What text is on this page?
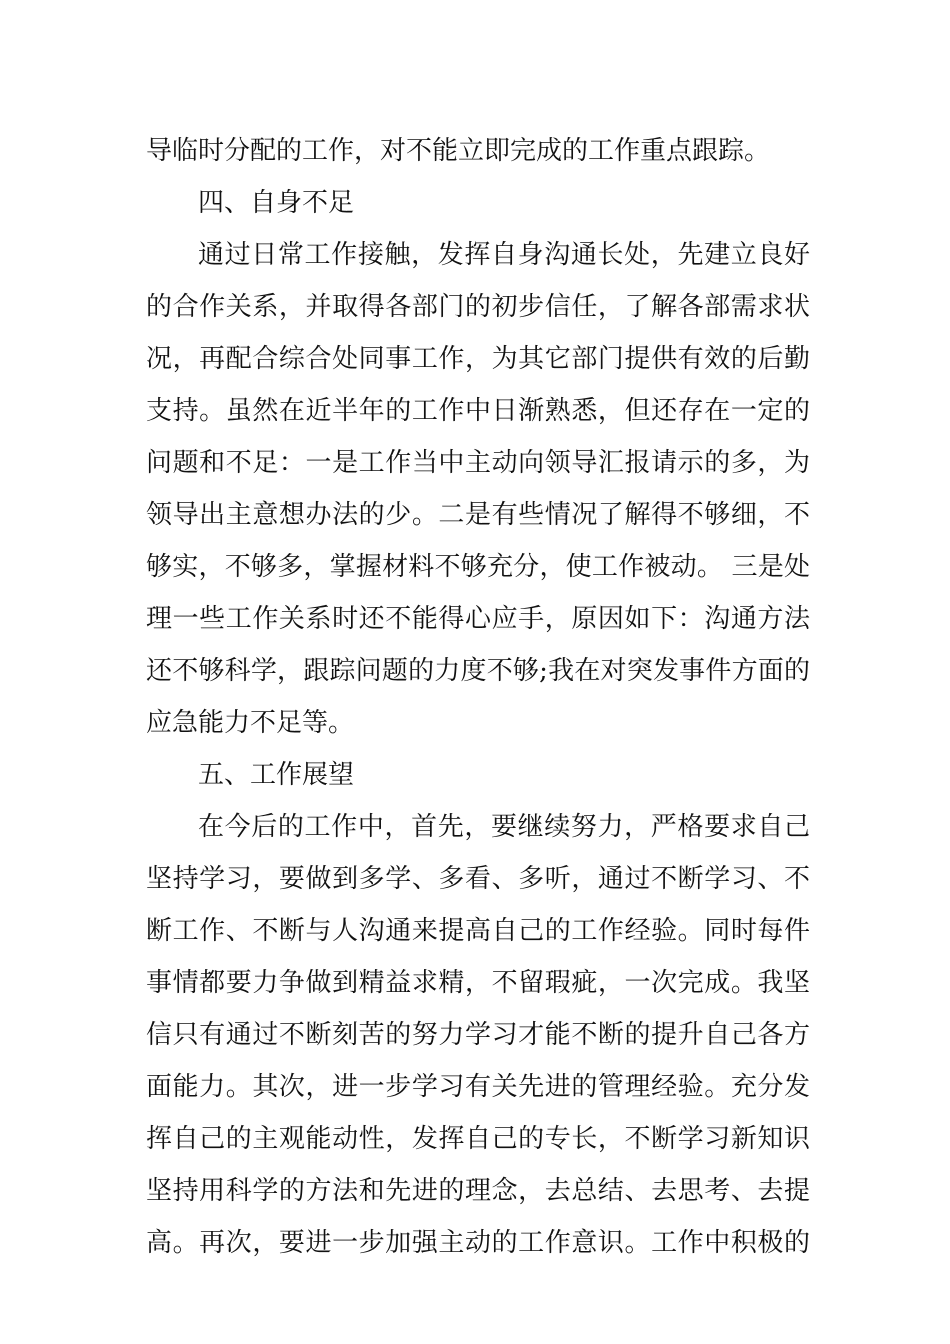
导临时分配的工作，对不能立即完成的工作重点跟踪。
四、自身不足
通过日常工作接触，发挥自身沟通长处，先建立良好
的合作关系，并取得各部门的初步信任，了解各部需求状
况，再配合综合处同事工作，为其它部门提供有效的后勤
支持。虽然在近半年的工作中日渐熟悉，但还存在一定的
问题和不足：一是工作当中主动向领导汇报请示的多，为
领导出主意想办法的少。二是有些情况了解得不够细，不
够实，不够多，掌握材料不够充分，使工作被动。 三是处
理一些工作关系时还不能得心应手，原因如下：沟通方法
还不够科学，跟踪问题的力度不够;我在对突发事件方面的
应急能力不足等。
五、工作展望
在今后的工作中，首先，要继续努力，严格要求自己
坚持学习，要做到多学、多看、多听，通过不断学习、不
断工作、不断与人沟通来提高自己的工作经验。同时每件
事情都要力争做到精益求精，不留瑕疵，一次完成。我坚
信只有通过不断刻苦的努力学习才能不断的提升自己各方
面能力。其次，进一步学习有关先进的管理经验。充分发
挥自己的主观能动性，发挥自己的专长，不断学习新知识
坚持用科学的方法和先进的理念，去总结、去思考、去提
高。再次，要进一步加强主动的工作意识。工作中积极的
